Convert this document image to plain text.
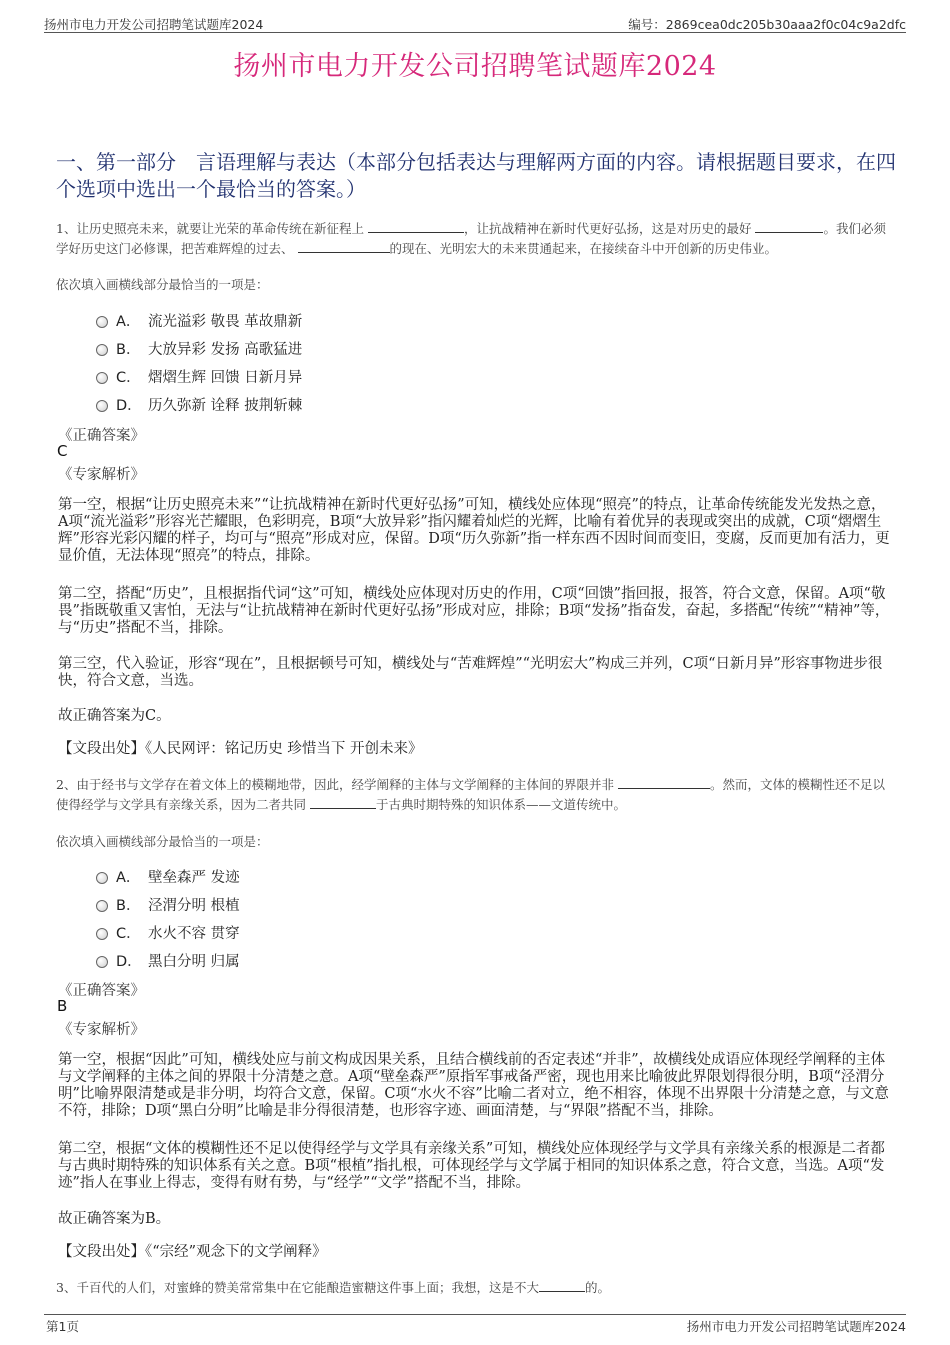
扬州市电力开发公司招聘笔试题库2024	编号：2869cea0dc205b30aaa2f0c04c9a2dfc
扬州市电力开发公司招聘笔试题库2024
一、第一部分　言语理解与表达（本部分包括表达与理解两方面的内容。请根据题目要求，在四个选项中选出一个最恰当的答案。）
1、让历史照亮未来，就要让光荣的革命传统在新征程上	，让抗战精神在新时代更好弘扬，这是对历史的最好	。我们必须学好历史这门必修课，把苦难辉煌的过去、	的现在、光明宏大的未来贯通起来，在接续奋斗中开创新的历史伟业。
依次填入画横线部分最恰当的一项是：
A． 流光溢彩 敬畏 革故鼎新
B． 大放异彩 发扬 高歌猛进
C． 熠熠生辉 回馈 日新月异
D． 历久弥新 诠释 披荆斩棘
《正确答案》
C
《专家解析》
第一空，根据“让历史照亮未来”“让抗战精神在新时代更好弘扬”可知，横线处应体现“照亮”的特点，让革命传统能发光发热之意，A项“流光溢彩”形容光芒耀眼，色彩明亮，B项“大放异彩”指闪耀着灿烂的光辉，比喻有着优异的表现或突出的成就，C项“熠熠生辉”形容光彩闪耀的样子，均可与“照亮”形成对应，保留。D项“历久弥新”指一样东西不因时间而变旧，变腐，反而更加有活力，更显价值，无法体现“照亮”的特点，排除。
第二空，搭配“历史”，且根据指代词“这”可知，横线处应体现对历史的作用，C项“回馈”指回报，报答，符合文意，保留。A项“敬畏”指既敬重又害怕，无法与“让抗战精神在新时代更好弘扬”形成对应，排除；B项“发扬”指奋发，奋起，多搭配“传统”“精神”等，与“历史”搭配不当，排除。
第三空，代入验证，形容“现在”，且根据顿号可知，横线处与“苦难辉煌”“光明宏大”构成三并列，C项“日新月异”形容事物进步很快，符合文意，当选。
故正确答案为C。
【文段出处】《人民网评：铭记历史 珍惜当下 开创未来》
2、由于经书与文学存在着文体上的模糊地带，因此，经学阐释的主体与文学阐释的主体间的界限并非	。然而，文体的模糊性还不足以使得经学与文学具有亲缘关系，因为二者共同	于古典时期特殊的知识体系——文道传统中。
依次填入画横线部分最恰当的一项是：
A． 壁垒森严 发迹
B． 泾渭分明 根植
C． 水火不容 贯穿
D． 黑白分明 归属
《正确答案》
B
《专家解析》
第一空，根据“因此”可知，横线处应与前文构成因果关系，且结合横线前的否定表述“并非”，故横线处成语应体现经学阐释的主体与文学阐释的主体之间的界限十分清楚之意。A项“壁垒森严”原指军事戒备严密，现也用来比喻彼此界限划得很分明，B项“泾渭分明”比喻界限清楚或是非分明，均符合文意，保留。C项“水火不容”比喻二者对立，绝不相容，体现不出界限十分清楚之意，与文意不符，排除；D项“黑白分明”比喻是非分得很清楚，也形容字迹、画面清楚，与“界限”搭配不当，排除。
第二空，根据“文体的模糊性还不足以使得经学与文学具有亲缘关系”可知，横线处应体现经学与文学具有亲缘关系的根源是二者都与古典时期特殊的知识体系有关之意。B项“根植”指扎根，可体现经学与文学属于相同的知识体系之意，符合文意，当选。A项“发迹”指人在事业上得志，变得有财有势，与“经学”“文学”搭配不当，排除。
故正确答案为B。
【文段出处】《“宗经”观念下的文学阐释》
3、千百代的人们，对蜜蜂的赞美常常集中在它能酿造蜜糖这件事上面；我想，这是不大	的。
第1页	扬州市电力开发公司招聘笔试题库2024
